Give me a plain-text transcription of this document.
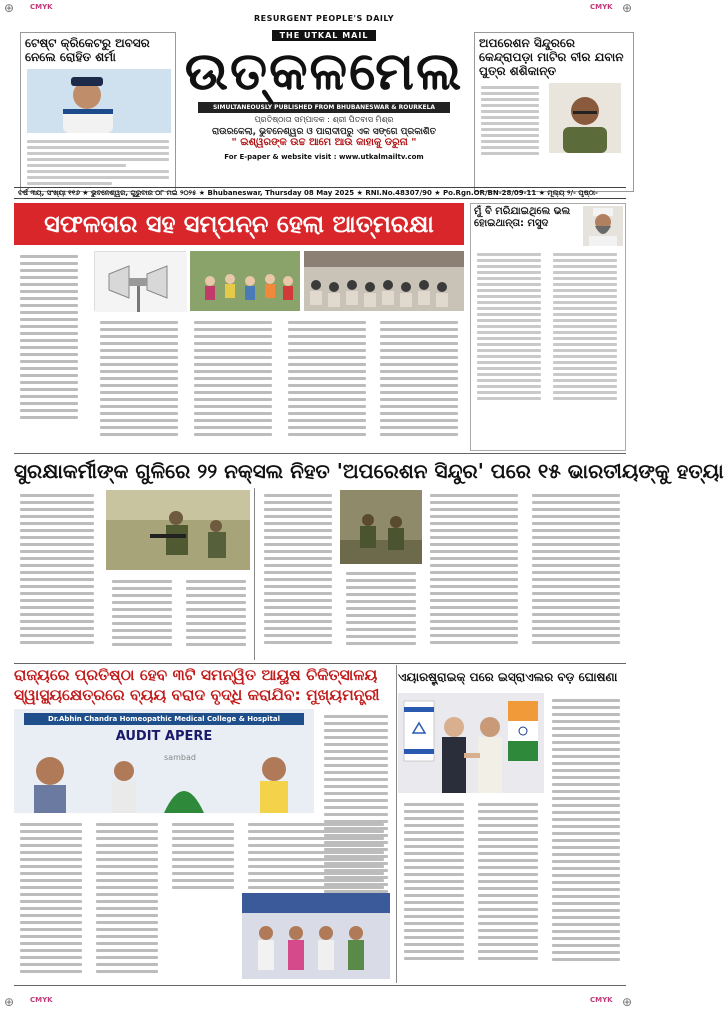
CMYK	CMYK
CMYK	CMYK
⊕	⊕
⊕	⊕
ଟେଷ୍ଟ କ୍ରିକେଟରୁ ଅବସର ନେଲେ ରୋହିତ ଶର୍ମା
RESURGENT PEOPLE'S DAILY
THE UTKAL MAIL
ଉତ୍କଳମେଲ
SIMULTANEOUSLY PUBLISHED FROM BHUBANESWAR & ROURKELA
ପ୍ରତିଷ୍ଠାତା ସମ୍ପାଦକ : ଶ୍ରୀ ପିତବାସ ମିଶ୍ର
ରାଉରକେଲା, ଭୁବନେଶ୍ୱର ଓ ପାରାଦୀପରୁ ଏକ ସଙ୍ଗେ ପ୍ରକାଶିତ
" ଇଶ୍ୱରଙ୍କ ଉଚ୍ଚ ଆମେ ଆଉ କାହାକୁ ଡରୁନା "
For E-paper & website visit : www.utkalmailtv.com
ଅପରେଶନ ସିନ୍ଦୁରରେ କେନ୍ଦ୍ରାପଡ଼ା ମାଟିର ବୀର ଯବାନ ପୁତ୍ର ଶଶିକାନ୍ତ
ବର୍ଷ ୩ୟ, ସଂଖ୍ୟା ୧୧୬ ★ ଭୁବନେଶ୍ୱର, ଗୁରୁବାର ୦୮ ମଇ ୨୦୨୫ ★ Bhubaneswar, Thursday 08 May 2025 ★ RNI.No.48307/90 ★ Po.Rgn.OR/BN-28/09-11 ★ ମୂଲ୍ୟ ୨/- ପୃଷ୍ଠା-
ସଫଳତାର ସହ ସମ୍ପନ୍ନ ହେଲା ଆତ୍ମରକ୍ଷା	ମୁଁ ବି ମରିଯାଇଥିଲେ ଭଲ ହୋଇଥାନ୍ତା: ମସୁଦ
ସୁରକ୍ଷାକର୍ମୀଙ୍କ ଗୁଳିରେ ୨୨ ନକ୍ସଲ ନିହତ 'ଅପରେଶନ ସିନ୍ଦୁର' ପରେ ୧୫ ଭାରତୀୟଙ୍କୁ ହତ୍ୟା
ରାଜ୍ୟରେ ପ୍ରତିଷ୍ଠା ହେବ ୩ଟି ସମନ୍ୱିତ ଆୟୁଷ ଚିକିତ୍ସାଳୟ
ସ୍ୱାସ୍ଥ୍ୟକ୍ଷେତ୍ରରେ ବ୍ୟୟ ବରାଦ ବୃଦ୍ଧି କରାଯିବ: ମୁଖ୍ୟମନ୍ତ୍ରୀ
Dr.Abhin Chandra Homeopathic Medical College & Hospital
AUDIT APERE
sambad
ଏୟାରଷ୍ଟ୍ରାଇକ୍ ପରେ ଇସ୍ରାଏଲର ବଡ଼ ଘୋଷଣା
